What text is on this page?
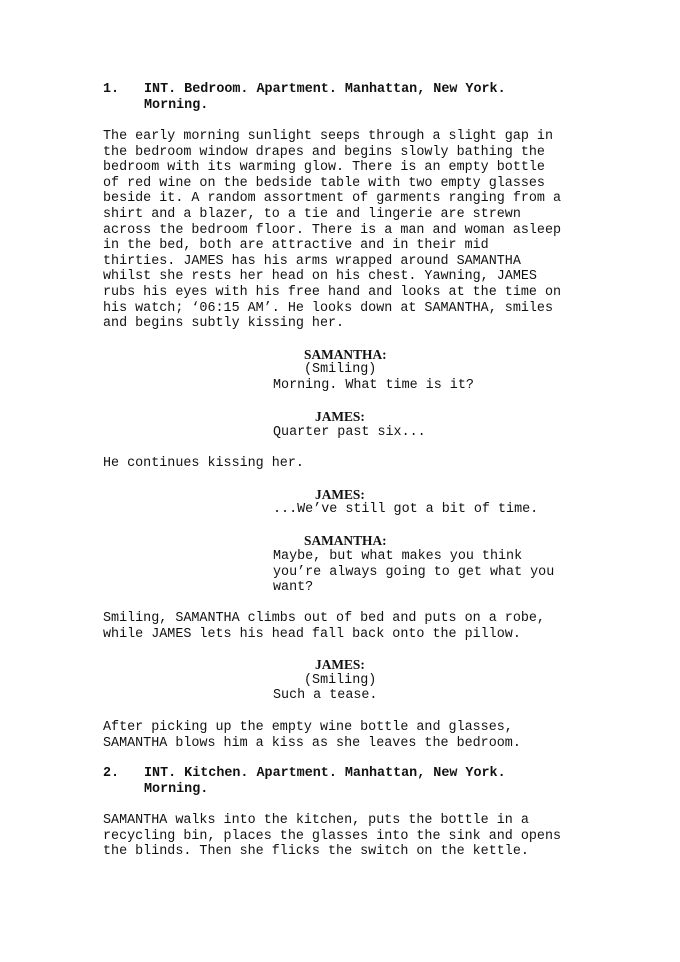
1. INT. Bedroom. Apartment. Manhattan, New York.
Morning.

The early morning sunlight seeps through a slight gap in
the bedroom window drapes and begins slowly bathing the
bedroom with its warming glow. There is an empty bottle
of red wine on the bedside table with two empty glasses
beside it. A random assortment of garments ranging from a
shirt and a blazer, to a tie and lingerie are strewn
across the bedroom floor. There is a man and woman asleep
in the bed, both are attractive and in their mid
thirties. JAMES has his arms wrapped around SAMANTHA
whilst she rests her head on his chest. Yawning, JAMES
rubs his eyes with his free hand and looks at the time on
his watch; ‘06:15 AM’. He looks down at SAMANTHA, smiles
and begins subtly kissing her.

SAMANTHA:

(Smiling)

Morning. What time is it?

JAMES:

Quarter past six...

He continues kissing her.

JAMES:

...We’ve still got a bit of time.

SAMANTHA:

Maybe, but what makes you think
you’re always going to get what you
want?

Smiling, SAMANTHA climbs out of bed and puts on a robe,
while JAMES lets his head fall back onto the pillow.

JAMES:

(Smiling)

Such a tease.

After picking up the empty wine bottle and glasses,
SAMANTHA blows him a kiss as she leaves the bedroom.

2. INT. Kitchen. Apartment. Manhattan, New York.
Morning.

SAMANTHA walks into the kitchen, puts the bottle in a
recycling bin, places the glasses into the sink and opens
the blinds. Then she flicks the switch on the kettle.
